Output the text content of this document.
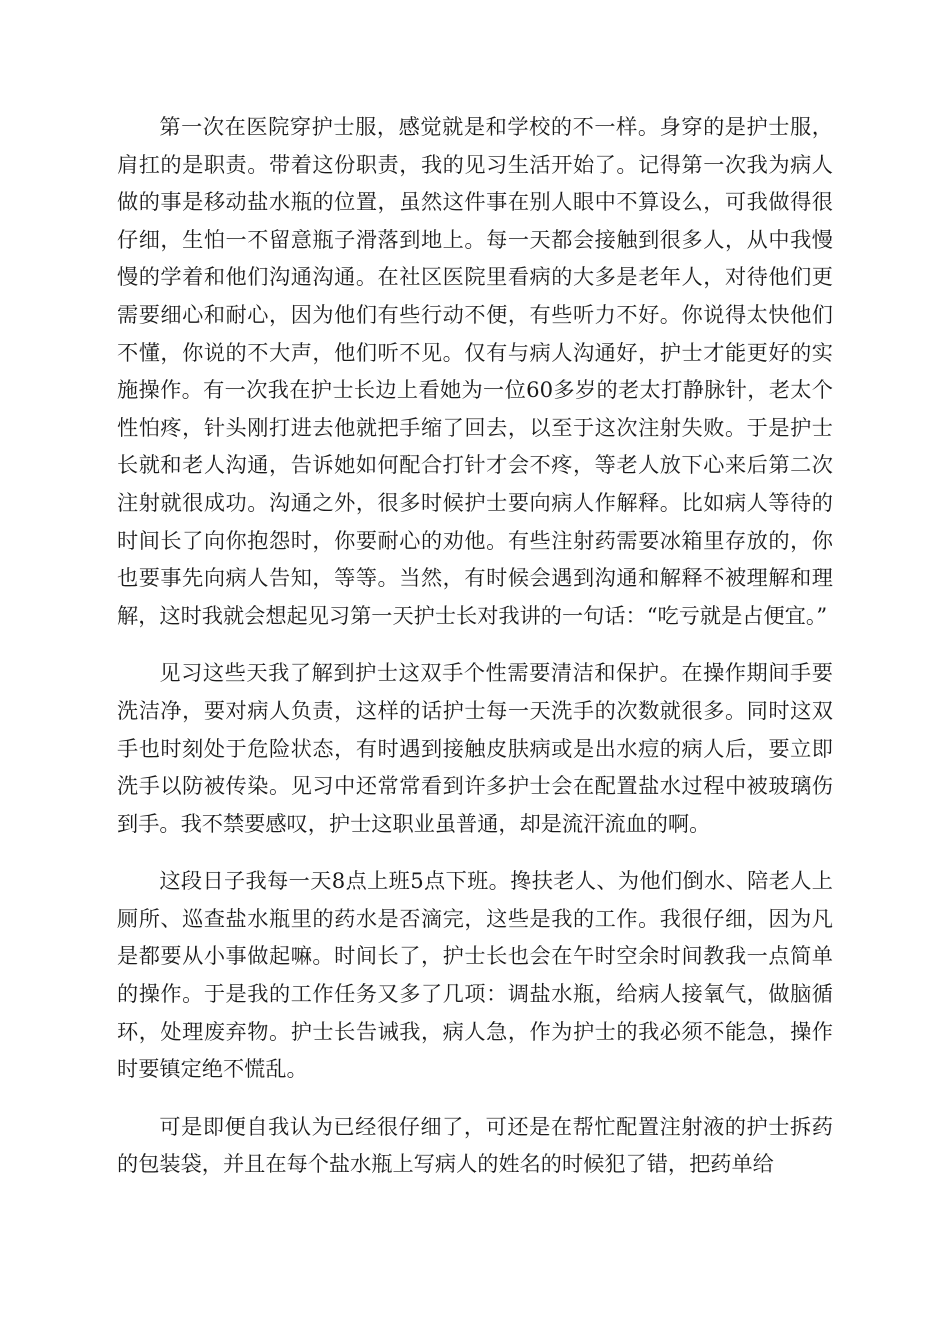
第一次在医院穿护士服，感觉就是和学校的不一样。身穿的是护士服，肩扛的是职责。带着这份职责，我的见习生活开始了。记得第一次我为病人做的事是移动盐水瓶的位置，虽然这件事在别人眼中不算设么，可我做得很仔细，生怕一不留意瓶子滑落到地上。每一天都会接触到很多人，从中我慢慢的学着和他们沟通沟通。在社区医院里看病的大多是老年人，对待他们更需要细心和耐心，因为他们有些行动不便，有些听力不好。你说得太快他们不懂，你说的不大声，他们听不见。仅有与病人沟通好，护士才能更好的实施操作。有一次我在护士长边上看她为一位60多岁的老太打静脉针，老太个性怕疼，针头刚打进去他就把手缩了回去，以至于这次注射失败。于是护士长就和老人沟通，告诉她如何配合打针才会不疼，等老人放下心来后第二次注射就很成功。沟通之外，很多时候护士要向病人作解释。比如病人等待的时间长了向你抱怨时，你要耐心的劝他。有些注射药需要冰箱里存放的，你也要事先向病人告知，等等。当然，有时候会遇到沟通和解释不被理解和理解，这时我就会想起见习第一天护士长对我讲的一句话：“吃亏就是占便宜。”

见习这些天我了解到护士这双手个性需要清洁和保护。在操作期间手要洗洁净，要对病人负责，这样的话护士每一天洗手的次数就很多。同时这双手也时刻处于危险状态，有时遇到接触皮肤病或是出水痘的病人后，要立即洗手以防被传染。见习中还常常看到许多护士会在配置盐水过程中被玻璃伤到手。我不禁要感叹，护士这职业虽普通，却是流汗流血的啊。

这段日子我每一天8点上班5点下班。搀扶老人、为他们倒水、陪老人上厕所、巡查盐水瓶里的药水是否滴完，这些是我的工作。我很仔细，因为凡是都要从小事做起嘛。时间长了，护士长也会在午时空余时间教我一点简单的操作。于是我的工作任务又多了几项：调盐水瓶，给病人接氧气，做脑循环，处理废弃物。护士长告诫我，病人急，作为护士的我必须不能急，操作时要镇定绝不慌乱。

可是即便自我认为已经很仔细了，可还是在帮忙配置注射液的护士拆药的包装袋，并且在每个盐水瓶上写病人的姓名的时候犯了错，把药单给
